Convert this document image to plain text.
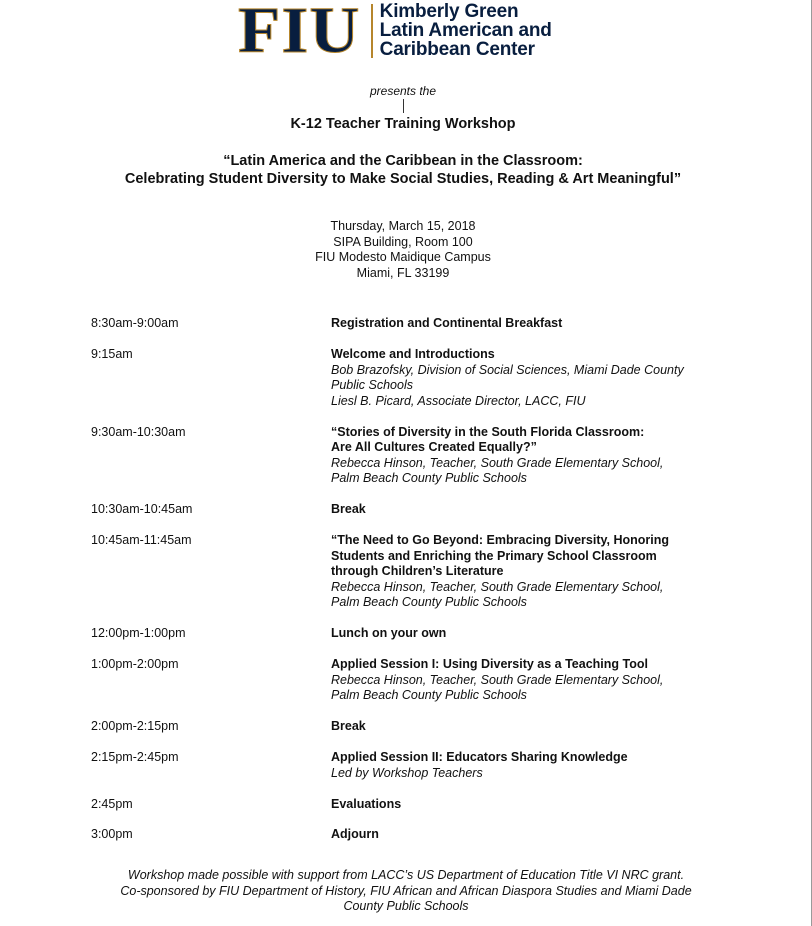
FIU Kimberly Green
Latin American and
Caribbean Center
presents the
K-12 Teacher Training Workshop
“Latin America and the Caribbean in the Classroom:
Celebrating Student Diversity to Make Social Studies, Reading & Art Meaningful”
Thursday, March 15, 2018
SIPA Building, Room 100
FIU Modesto Maidique Campus
Miami, FL 33199
8:30am-9:00am	Registration and Continental Breakfast
9:15am	Welcome and Introductions
Bob Brazofsky, Division of Social Sciences, Miami Dade County
Public Schools
Liesl B. Picard, Associate Director, LACC, FIU
9:30am-10:30am	“Stories of Diversity in the South Florida Classroom:
Are All Cultures Created Equally?”
Rebecca Hinson, Teacher, South Grade Elementary School,
Palm Beach County Public Schools
10:30am-10:45am	Break
10:45am-11:45am	“The Need to Go Beyond: Embracing Diversity, Honoring
Students and Enriching the Primary School Classroom
through Children’s Literature
Rebecca Hinson, Teacher, South Grade Elementary School,
Palm Beach County Public Schools
12:00pm-1:00pm	Lunch on your own
1:00pm-2:00pm	Applied Session I: Using Diversity as a Teaching Tool
Rebecca Hinson, Teacher, South Grade Elementary School,
Palm Beach County Public Schools
2:00pm-2:15pm	Break
2:15pm-2:45pm	Applied Session II: Educators Sharing Knowledge
Led by Workshop Teachers
2:45pm	Evaluations
3:00pm	Adjourn
Workshop made possible with support from LACC’s US Department of Education Title VI NRC grant.
Co-sponsored by FIU Department of History, FIU African and African Diaspora Studies and Miami Dade
County Public Schools
